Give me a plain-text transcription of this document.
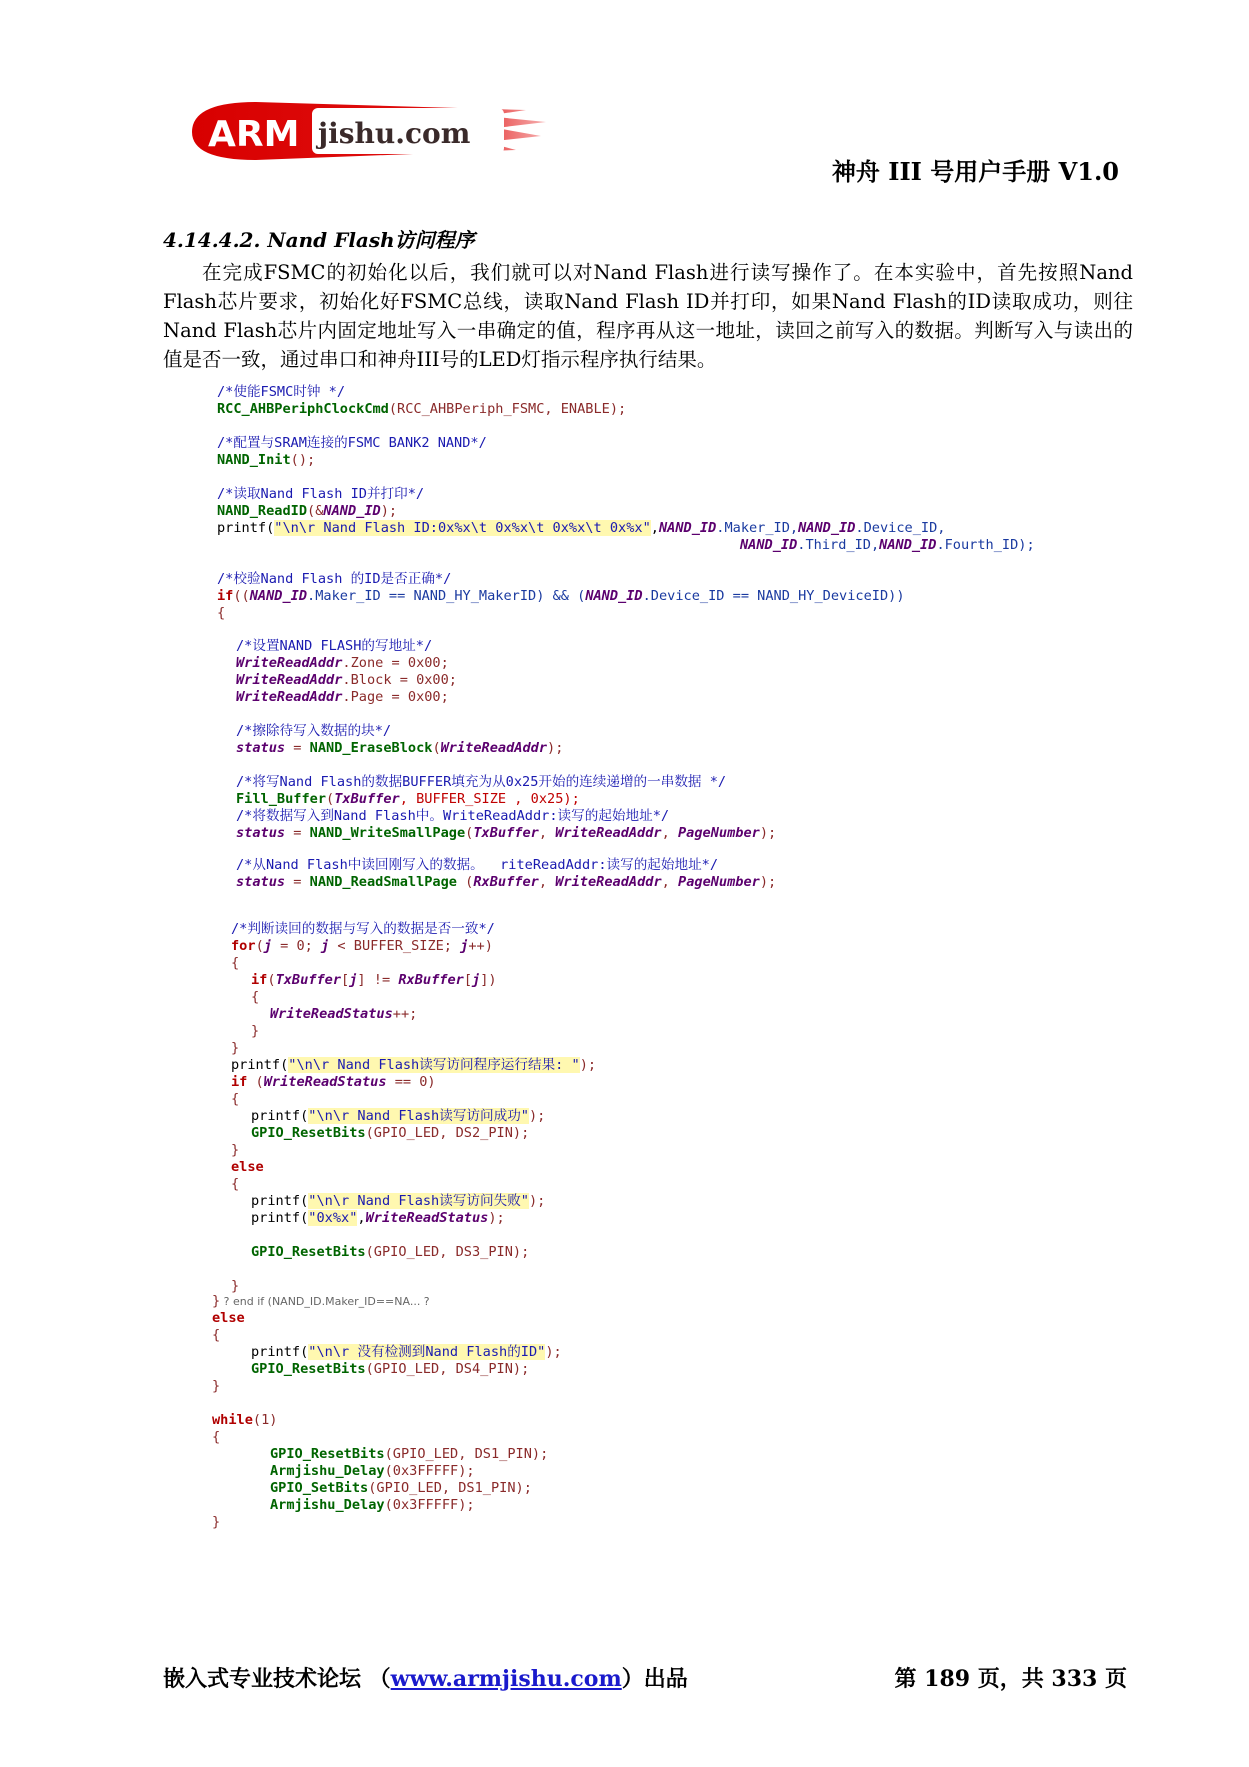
ARM jishu.com
神舟 III 号用户手册 V1.0
4.14.4.2. Nand Flash访问程序

在完成FSMC的初始化以后，我们就可以对Nand Flash进行读写操作了。在本实验中，首先按照Nand Flash芯片要求，初始化好FSMC总线，读取Nand Flash ID并打印，如果Nand Flash的ID读取成功，则往Nand Flash芯片内固定地址写入一串确定的值，程序再从这一地址，读回之前写入的数据。判断写入与读出的值是否一致，通过串口和神舟III号的LED灯指示程序执行结果。

/*使能FSMC时钟 */
RCC_AHBPeriphClockCmd(RCC_AHBPeriph_FSMC, ENABLE);
/*配置与SRAM连接的FSMC BANK2 NAND*/
NAND_Init();
/*读取Nand Flash ID并打印*/
NAND_ReadID(&NAND_ID);
printf("\n\r Nand Flash ID:0x%x\t 0x%x\t 0x%x\t 0x%x",NAND_ID.Maker_ID,NAND_ID.Device_ID,
NAND_ID.Third_ID,NAND_ID.Fourth_ID);
/*校验Nand Flash 的ID是否正确*/
if((NAND_ID.Maker_ID == NAND_HY_MakerID) && (NAND_ID.Device_ID == NAND_HY_DeviceID))
{
/*设置NAND FLASH的写地址*/
WriteReadAddr.Zone = 0x00;
WriteReadAddr.Block = 0x00;
WriteReadAddr.Page = 0x00;
/*擦除待写入数据的块*/
status = NAND_EraseBlock(WriteReadAddr);
/*将写Nand Flash的数据BUFFER填充为从0x25开始的连续递增的一串数据 */
Fill_Buffer(TxBuffer, BUFFER_SIZE , 0x25);
/*将数据写入到Nand Flash中。WriteReadAddr:读写的起始地址*/
status = NAND_WriteSmallPage(TxBuffer, WriteReadAddr, PageNumber);
/*从Nand Flash中读回刚写入的数据。  riteReadAddr:读写的起始地址*/
status = NAND_ReadSmallPage (RxBuffer, WriteReadAddr, PageNumber);
/*判断读回的数据与写入的数据是否一致*/
for(j = 0; j < BUFFER_SIZE; j++)
{
if(TxBuffer[j] != RxBuffer[j])
{
WriteReadStatus++;
}
}
printf("\n\r Nand Flash读写访问程序运行结果: ");
if (WriteReadStatus == 0)
{
printf("\n\r Nand Flash读写访问成功");
GPIO_ResetBits(GPIO_LED, DS2_PIN);
}
else
{
printf("\n\r Nand Flash读写访问失败");
printf("0x%x",WriteReadStatus);
GPIO_ResetBits(GPIO_LED, DS3_PIN);
}
} ? end if (NAND_ID.Maker_ID==NA... ?
else
{
printf("\n\r 没有检测到Nand Flash的ID");
GPIO_ResetBits(GPIO_LED, DS4_PIN);
}
while(1)
{
GPIO_ResetBits(GPIO_LED, DS1_PIN);
Armjishu_Delay(0x3FFFFF);
GPIO_SetBits(GPIO_LED, DS1_PIN);
Armjishu_Delay(0x3FFFFF);
}
嵌入式专业技术论坛 （www.armjishu.com）出品	第 189 页，共 333 页
